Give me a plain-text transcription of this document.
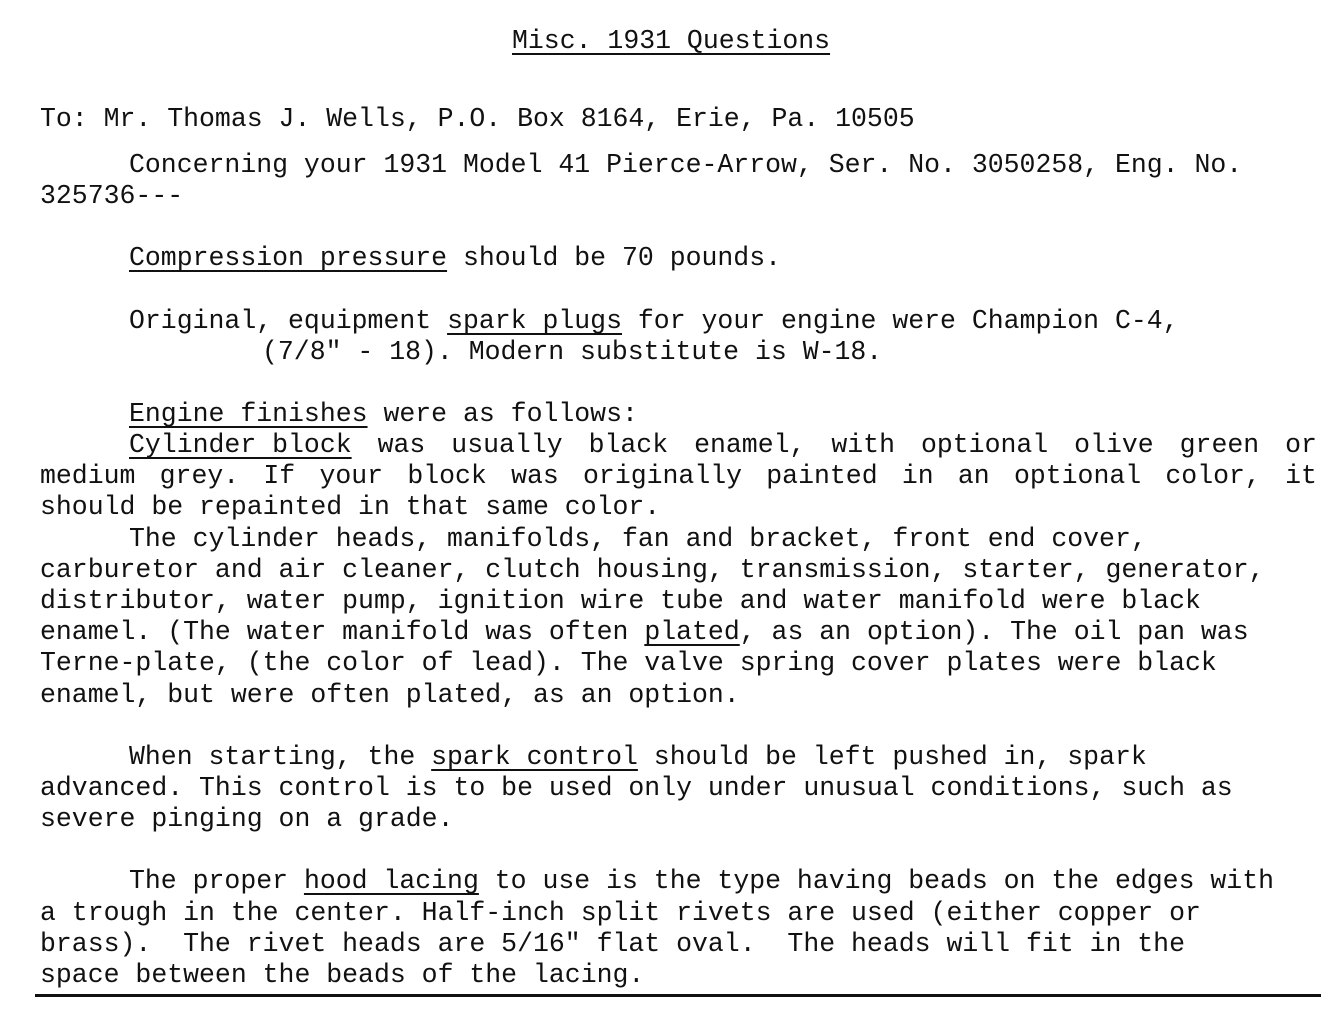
Misc. 1931 Questions
To: Mr. Thomas J. Wells, P.O. Box 8164, Erie, Pa. 10505
Concerning your 1931 Model 41 Pierce-Arrow, Ser. No. 3050258, Eng. No.
325736---
Compression pressure should be 70 pounds.
Original, equipment spark plugs for your engine were Champion C-4,
(7/8" - 18). Modern substitute is W-18.
Engine finishes were as follows:
Cylinder block was usually black enamel, with optional olive green or
medium grey. If your block was originally painted in an optional color, it
should be repainted in that same color.
The cylinder heads, manifolds, fan and bracket, front end cover,
carburetor and air cleaner, clutch housing, transmission, starter, generator,
distributor, water pump, ignition wire tube and water manifold were black
enamel. (The water manifold was often plated, as an option). The oil pan was
Terne-plate, (the color of lead). The valve spring cover plates were black
enamel, but were often plated, as an option.
When starting, the spark control should be left pushed in, spark
advanced. This control is to be used only under unusual conditions, such as
severe pinging on a grade.
The proper hood lacing to use is the type having beads on the edges with
a trough in the center. Half-inch split rivets are used (either copper or
brass).  The rivet heads are 5/16" flat oval.  The heads will fit in the
space between the beads of the lacing.
